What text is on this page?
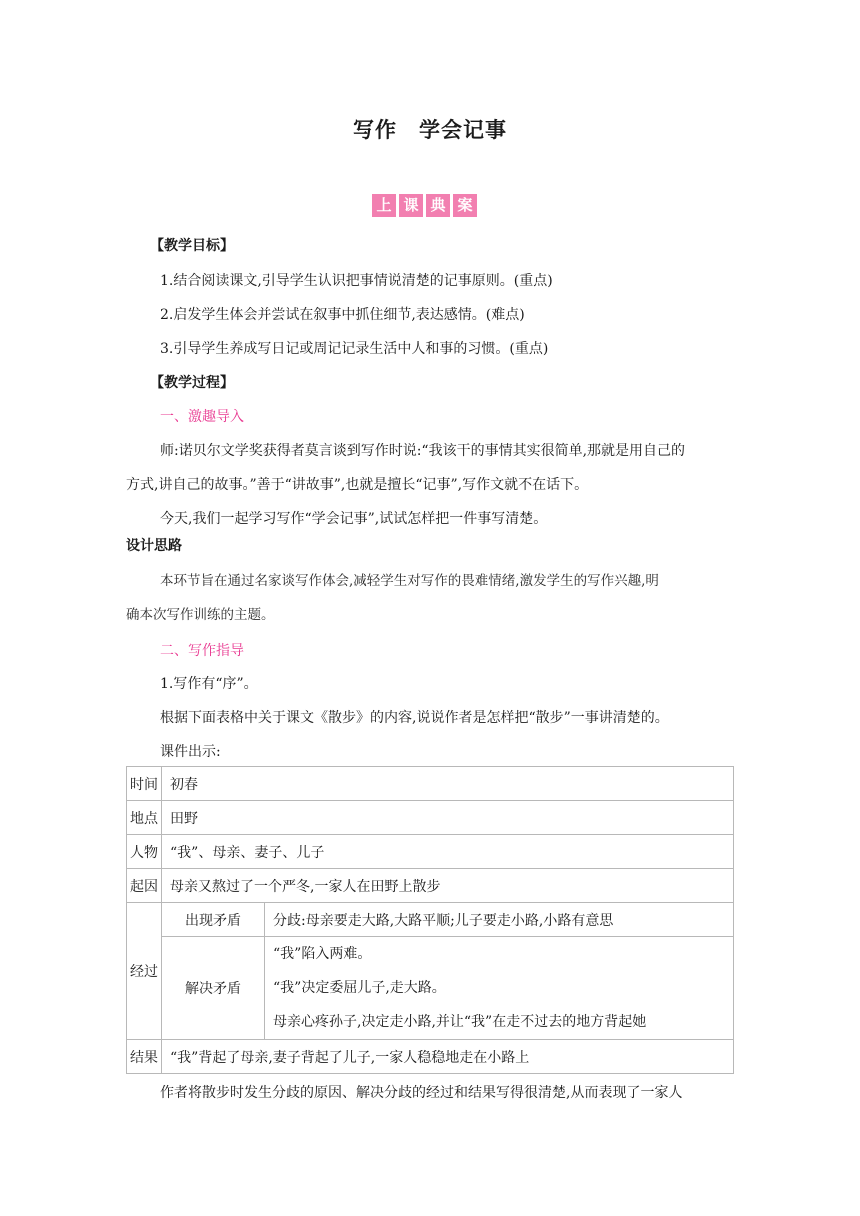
写作　学会记事
上 课 典 案
【教学目标】
1.结合阅读课文,引导学生认识把事情说清楚的记事原则。(重点)
2.启发学生体会并尝试在叙事中抓住细节,表达感情。(难点)
3.引导学生养成写日记或周记记录生活中人和事的习惯。(重点)
【教学过程】
一、激趣导入
师:诺贝尔文学奖获得者莫言谈到写作时说:“我该干的事情其实很简单,那就是用自己的
方式,讲自己的故事。”善于“讲故事”,也就是擅长“记事”,写作文就不在话下。
今天,我们一起学习写作“学会记事”,试试怎样把一件事写清楚。
设计思路
本环节旨在通过名家谈写作体会,减轻学生对写作的畏难情绪,激发学生的写作兴趣,明
确本次写作训练的主题。
二、写作指导
1.写作有“序”。
根据下面表格中关于课文《散步》的内容,说说作者是怎样把“散步”一事讲清楚的。
课件出示:
时间	初春	
地点	田野	
人物	“我”、母亲、妻子、儿子	
起因	母亲又熬过了一个严冬,一家人在田野上散步	
经过	出现矛盾	分歧:母亲要走大路,大路平顺;儿子要走小路,小路有意思
	解决矛盾	“我”陷入两难。
“我”决定委屈儿子,走大路。
母亲心疼孙子,决定走小路,并让“我”在走不过去的地方背起她

结果	“我”背起了母亲,妻子背起了儿子,一家人稳稳地走在小路上	
作者将散步时发生分歧的原因、解决分歧的经过和结果写得很清楚,从而表现了一家人
